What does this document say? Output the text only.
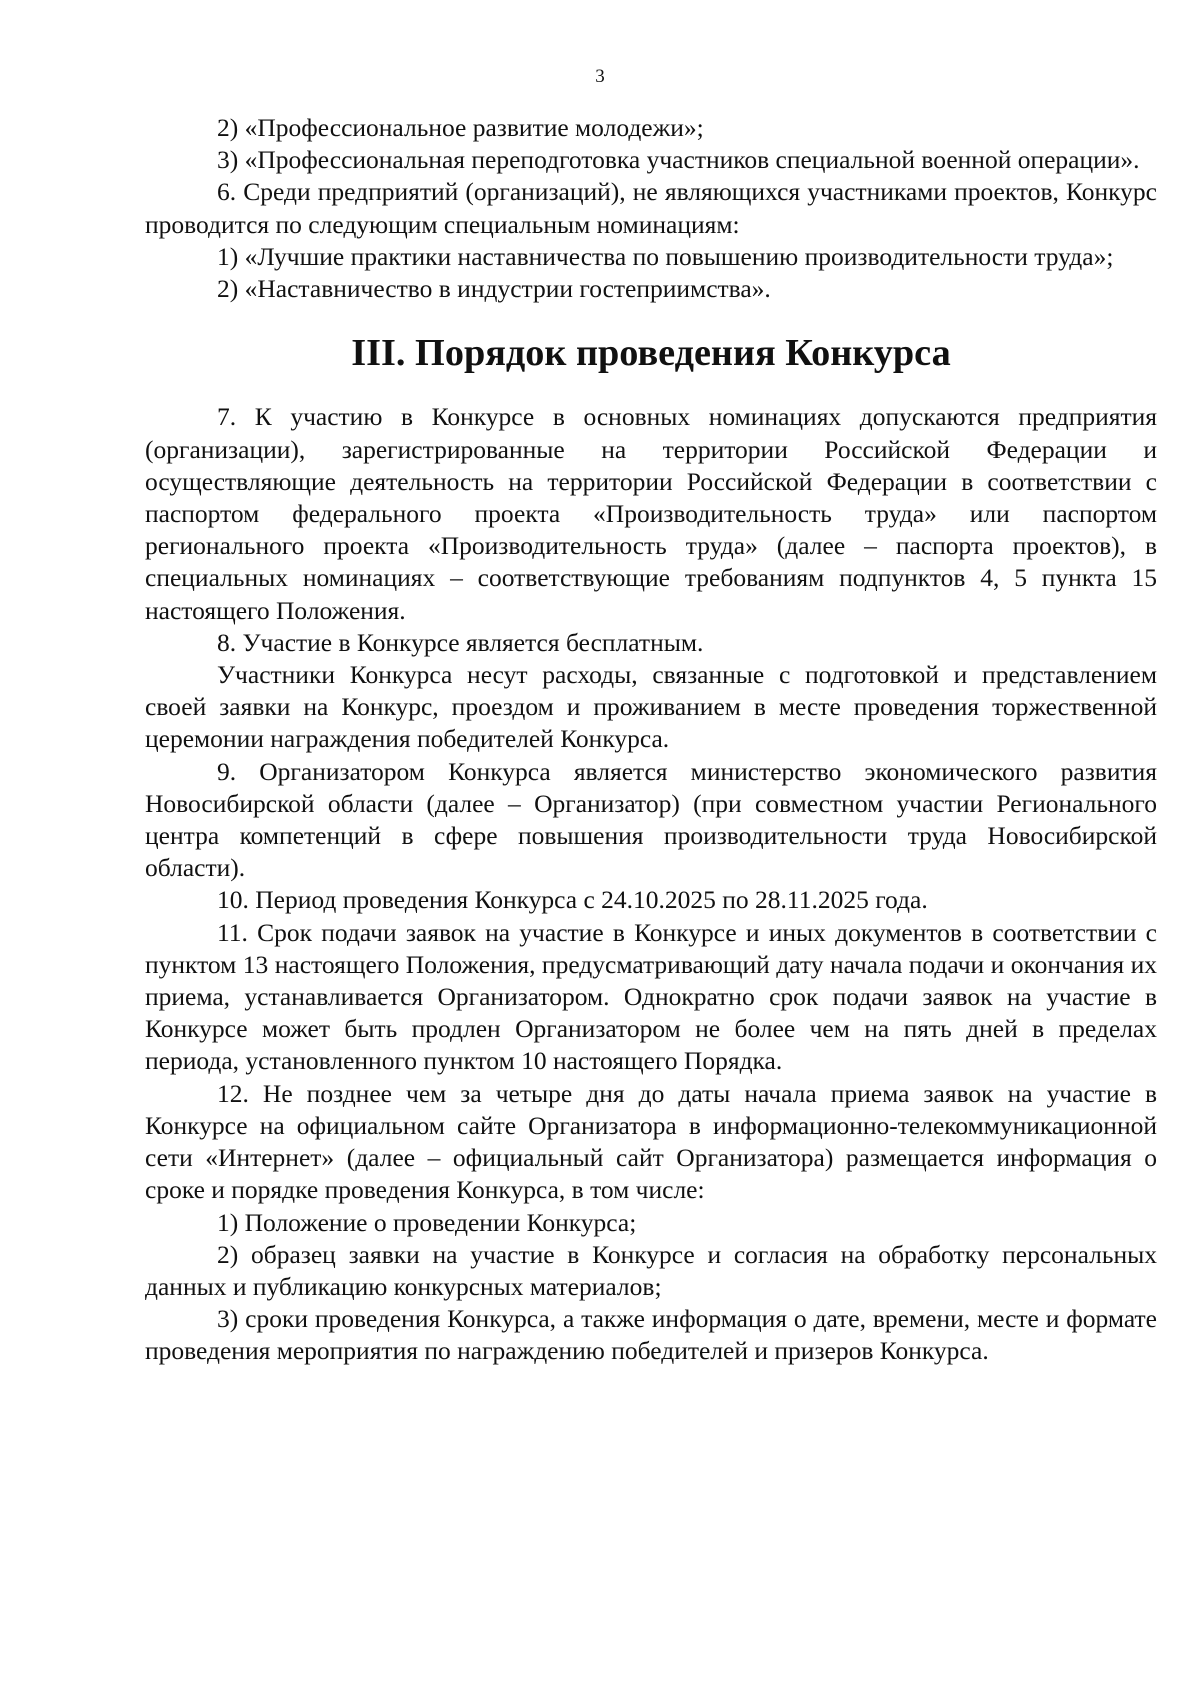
3

2) «Профессиональное развитие молодежи»;

3) «Профессиональная переподготовка участников специальной военной операции».

6. Среди предприятий (организаций), не являющихся участниками проектов, Конкурс проводится по следующим специальным номинациям:

1) «Лучшие практики наставничества по повышению производительности труда»;

2) «Наставничество в индустрии гостеприимства».

III. Порядок проведения Конкурса

7. К участию в Конкурсе в основных номинациях допускаются предприятия (организации), зарегистрированные на территории Российской Федерации и осуществляющие деятельность на территории Российской Федерации в соответствии с паспортом федерального проекта «Производительность труда» или паспортом регионального проекта «Производительность труда» (далее – паспорта проектов), в специальных номинациях – соответствующие требованиям подпунктов 4, 5 пункта 15 настоящего Положения.

8. Участие в Конкурсе является бесплатным.

Участники Конкурса несут расходы, связанные с подготовкой и представлением своей заявки на Конкурс, проездом и проживанием в месте проведения торжественной церемонии награждения победителей Конкурса.

9. Организатором Конкурса является министерство экономического развития Новосибирской области (далее – Организатор) (при совместном участии Регионального центра компетенций в сфере повышения производительности труда Новосибирской области).

10. Период проведения Конкурса с 24.10.2025 по 28.11.2025 года.

11. Срок подачи заявок на участие в Конкурсе и иных документов в соответствии с пунктом 13 настоящего Положения, предусматривающий дату начала подачи и окончания их приема, устанавливается Организатором. Однократно срок подачи заявок на участие в Конкурсе может быть продлен Организатором не более чем на пять дней в пределах периода, установленного пунктом 10 настоящего Порядка.

12. Не позднее чем за четыре дня до даты начала приема заявок на участие в Конкурсе на официальном сайте Организатора в информационно-телекоммуникационной сети «Интернет» (далее – официальный сайт Организатора) размещается информация о сроке и порядке проведения Конкурса, в том числе:

1) Положение о проведении Конкурса;

2) образец заявки на участие в Конкурсе и согласия на обработку персональных данных и публикацию конкурсных материалов;

3) сроки проведения Конкурса, а также информация о дате, времени, месте и формате проведения мероприятия по награждению победителей и призеров Конкурса.
